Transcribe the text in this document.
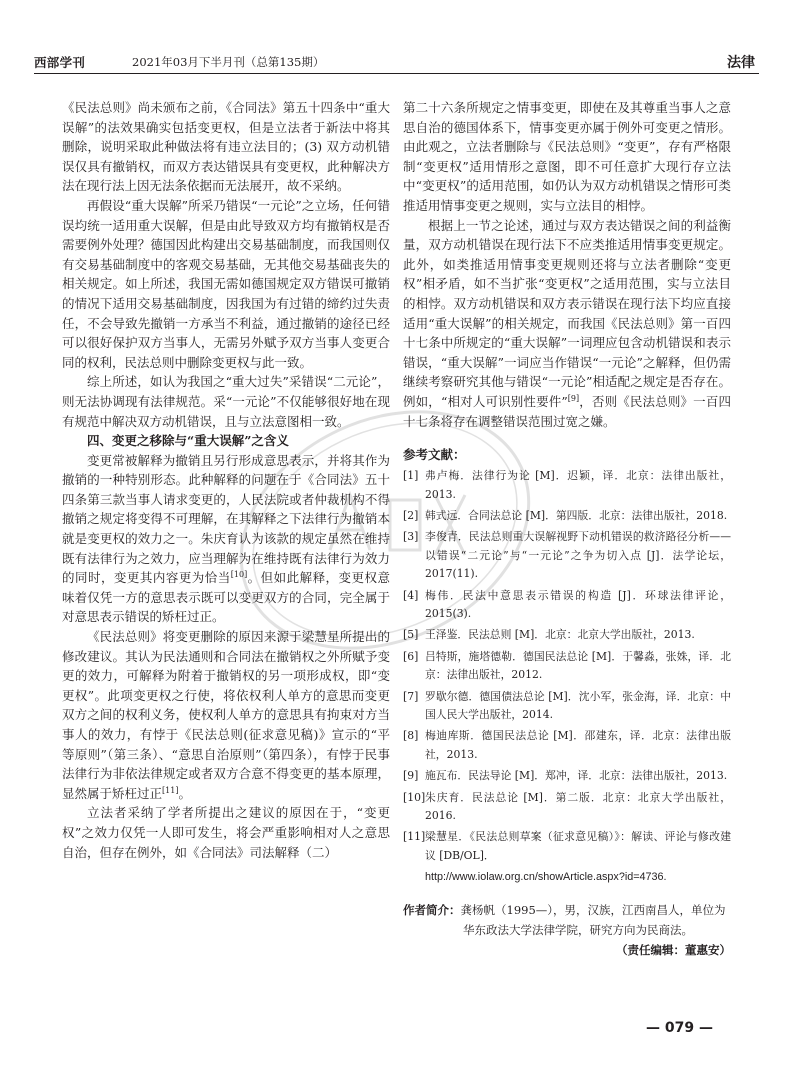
西部学刊	2021年03月下半月刊（总第135期）	法律

《民法总则》尚未颁布之前，《合同法》第五十四条中“重大误解”的法效果确实包括变更权，但是立法者于新法中将其删除，说明采取此种做法将有违立法目的；(3) 双方动机错误仅具有撤销权，而双方表达错误具有变更权，此种解决方法在现行法上因无法条依据而无法展开，故不采纳。

再假设“重大误解”所采乃错误“一元论”之立场，任何错误均统一适用重大误解，但是由此导致双方均有撤销权是否需要例外处理？德国因此构建出交易基础制度，而我国则仅有交易基础制度中的客观交易基础，无其他交易基础丧失的相关规定。如上所述，我国无需如德国规定双方错误可撤销的情况下适用交易基础制度，因我国为有过错的缔约过失责任，不会导致先撤销一方承当不利益，通过撤销的途径已经可以很好保护双方当事人，无需另外赋予双方当事人变更合同的权利，民法总则中删除变更权与此一致。

综上所述，如认为我国之“重大过失”采错误“二元论”，则无法协调现有法律规范。采“一元论”不仅能够很好地在现有规范中解决双方动机错误，且与立法意图相一致。

四、变更之移除与“重大误解”之含义

变更常被解释为撤销且另行形成意思表示，并将其作为撤销的一种特别形态。此种解释的问题在于《合同法》五十四条第三款当事人请求变更的，人民法院或者仲裁机构不得撤销之规定将变得不可理解，在其解释之下法律行为撤销本就是变更权的效力之一。朱庆育认为该款的规定虽然在维持既有法律行为之效力，应当理解为在维持既有法律行为效力的同时，变更其内容更为恰当[10]。但如此解释，变更权意味着仅凭一方的意思表示既可以变更双方的合同，完全属于对意思表示错误的矫枉过正。

《民法总则》将变更删除的原因来源于梁慧星所提出的修改建议。其认为民法通则和合同法在撤销权之外所赋予变更的效力，可解释为附着于撤销权的另一项形成权，即“变更权”。此项变更权之行使，将依权利人单方的意思而变更双方之间的权利义务，使权利人单方的意思具有拘束对方当事人的效力，有悖于《民法总则(征求意见稿)》宣示的“平等原则”（第三条）、“意思自治原则”（第四条），有悖于民事法律行为非依法律规定或者双方合意不得变更的基本原理，显然属于矫枉过正[11]。

立法者采纳了学者所提出之建议的原因在于，“变更权”之效力仅凭一人即可发生，将会严重影响相对人之意思自治，但存在例外，如《合同法》司法解释（二）

第二十六条所规定之情事变更，即使在及其尊重当事人之意思自治的德国体系下，情事变更亦属于例外可变更之情形。由此观之，立法者删除与《民法总则》“变更”，存有严格限制“变更权”适用情形之意图，即不可任意扩大现行存立法中“变更权”的适用范围，如仍认为双方动机错误之情形可类推适用情事变更之规则，实与立法目的相悖。

根据上一节之论述，通过与双方表达错误之间的利益衡量，双方动机错误在现行法下不应类推适用情事变更规定。此外，如类推适用情事变更规则还将与立法者删除“变更权”相矛盾，如不当扩张“变更权”之适用范围，实与立法目的相悖。双方动机错误和双方表示错误在现行法下均应直接适用“重大误解”的相关规定，而我国《民法总则》第一百四十七条中所规定的“重大误解”一词理应包含动机错误和表示错误，“重大误解”一词应当作错误“一元论”之解释，但仍需继续考察研究其他与错误“一元论”相适配之规定是否存在。例如，“相对人可识别性要件”[9]，否则《民法总则》一百四十七条将存在调整错误范围过宽之嫌。

参考文献：
[1] 弗卢梅．法律行为论 [M]．迟颖，译．北京：法律出版社，2013.
[2] 韩式远．合同法总论 [M]．第四版．北京：法律出版社，2018.
[3] 李俊青．民法总则重大误解视野下动机错误的救济路径分析——以错误“二元论”与“一元论”之争为切入点 [J]．法学论坛，2017(11).
[4] 梅伟．民法中意思表示错误的构造 [J]．环球法律评论，2015(3).
[5] 王泽鉴．民法总则 [M]．北京：北京大学出版社，2013.
[6] 吕特斯，施塔德勒．德国民法总论 [M]．于馨淼，张姝，译．北京：法律出版社，2012.
[7] 罗歇尔德．德国债法总论 [M]．沈小军，张金海，译．北京：中国人民大学出版社，2014.
[8] 梅迪库斯．德国民法总论 [M]．邵建东，译．北京：法律出版社，2013.
[9] 施瓦布．民法导论 [M]．郑冲，译．北京：法律出版社，2013.
[10] 朱庆育．民法总论 [M]．第二版．北京：北京大学出版社，2016.
[11] 梁慧星．《民法总则草案（征求意见稿）》：解读、评论与修改建议 [DB/OL]．
http://www.iolaw.org.cn/showArticle.aspx?id=4736.
作者简介：龚杨帆（1995—），男，汉族，江西南昌人，单位为
华东政法大学法律学院，研究方向为民商法。
（责任编辑：董惠安）
— 079 —
